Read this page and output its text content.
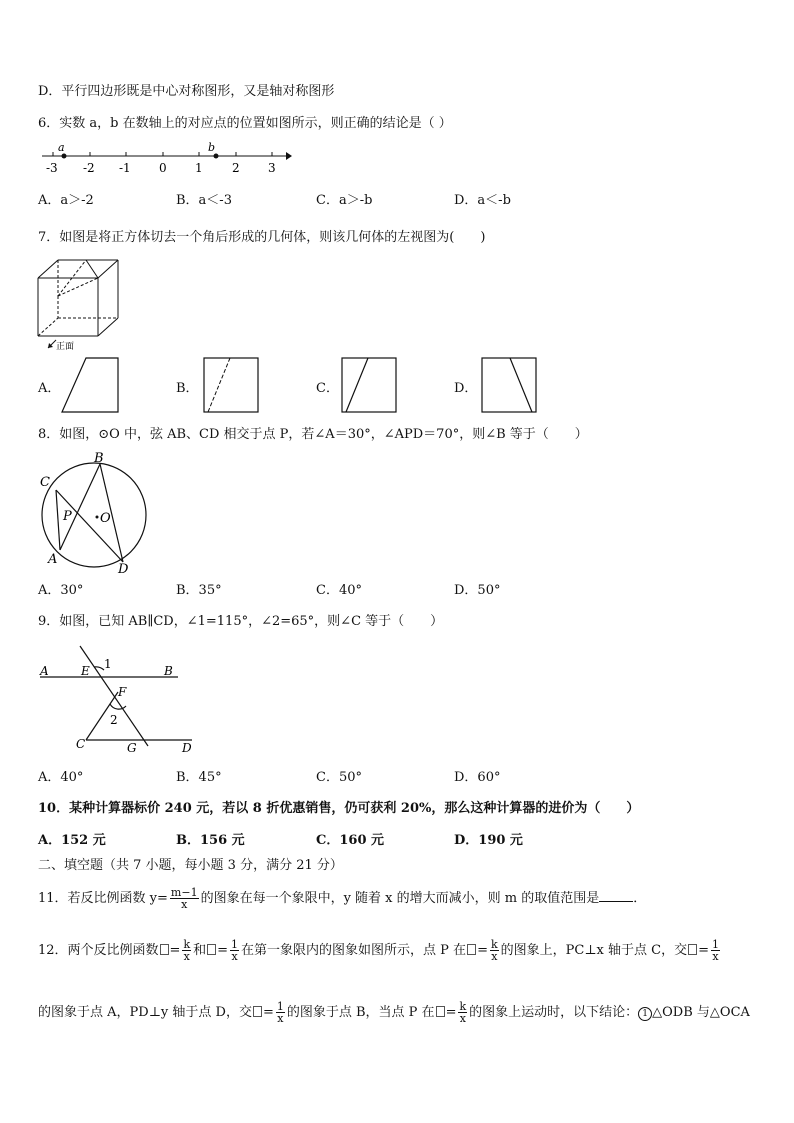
D．平行四边形既是中心对称图形，又是轴对称图形
6．实数 a，b 在数轴上的对应点的位置如图所示，则正确的结论是（ ）
-3 -2 -1 0 1 2 3
a	b
A．a＞-2	B．a＜-3	C．a＞-b	D．a＜-b
7．如图是将正方体切去一个角后形成的几何体，则该几何体的左视图为(　　)
正面
A．	B．	C．	D．
8．如图，⊙O 中，弦 AB、CD 相交于点 P，若∠A＝30°，∠APD＝70°，则∠B 等于（　　）
C
B
P O
A
D
A．30°	B．35°	C．40°	D．50°
9．如图，已知 AB∥CD，∠1=115°，∠2=65°，则∠C 等于（　　）
A	E 1	B
F
2
C	G	D
A．40°	B．45°	C．50°	D．60°
10．某种计算器标价 240 元，若以 8 折优惠销售，仍可获利 20%，那么这种计算器的进价为（　　）
A．152 元	B．156 元	C．160 元	D．190 元
二、填空题（共 7 小题，每小题 3 分，满分 21 分）
11．若反比例函数 $y= \frac{m-1}{x}$ 的图象在每一个象限中，y 随着 x 的增大而减小，则 m 的取值范围是	．
12．两个反比例函数 = $\frac{k}{x}$ 和 = $\frac{1}{x}$ 在第一象限内的图象如图所示，点 P 在 = $\frac{k}{x}$ 的图象上，PC⊥x 轴于点 C，交 = $\frac{1}{x}$
的图象于点 A，PD⊥y 轴于点 D，交 = $\frac{1}{x}$ 的图象于点 B，当点 P 在 = $\frac{k}{x}$ 的图象上运动时，以下结论： 1 △ODB 与△OCA
